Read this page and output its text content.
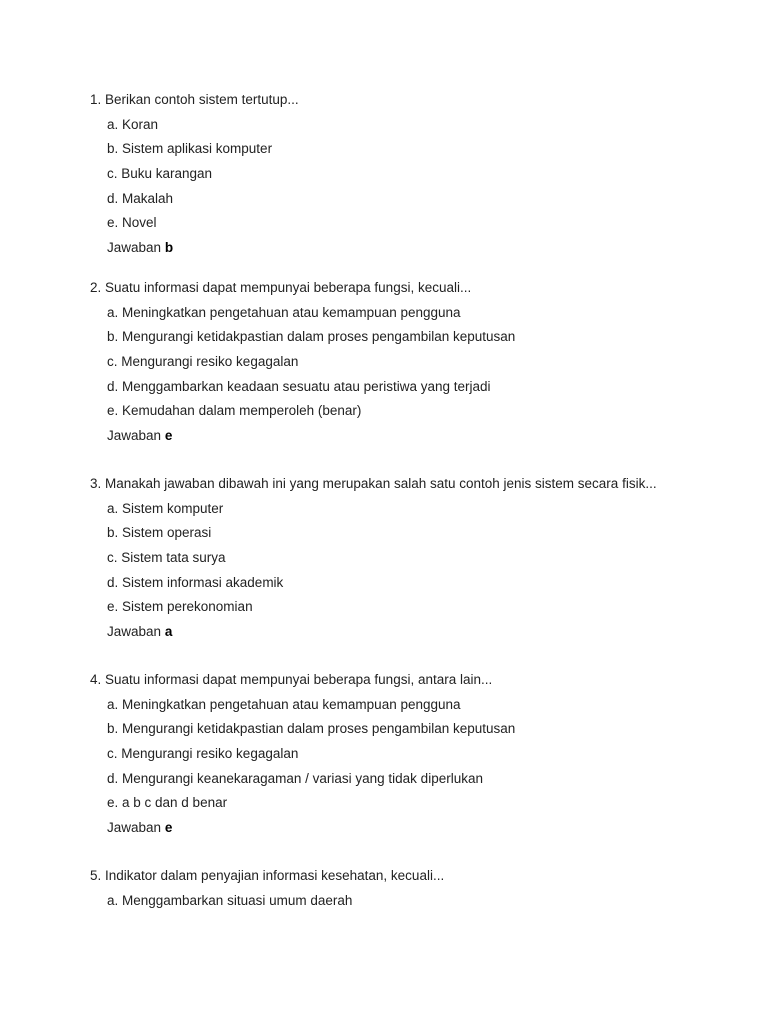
1. Berikan contoh sistem tertutup...
a. Koran
b. Sistem aplikasi komputer
c. Buku karangan
d. Makalah
e. Novel
Jawaban b
2. Suatu informasi dapat mempunyai beberapa fungsi, kecuali...
a. Meningkatkan pengetahuan atau kemampuan pengguna
b. Mengurangi ketidakpastian dalam proses pengambilan keputusan
c. Mengurangi resiko kegagalan
d. Menggambarkan keadaan sesuatu atau peristiwa yang terjadi
e. Kemudahan dalam memperoleh (benar)
Jawaban e
3. Manakah jawaban dibawah ini yang merupakan salah satu contoh jenis sistem secara fisik...
a. Sistem komputer
b. Sistem operasi
c. Sistem tata surya
d. Sistem informasi akademik
e. Sistem perekonomian
Jawaban a
4. Suatu informasi dapat mempunyai beberapa fungsi, antara lain...
a. Meningkatkan pengetahuan atau kemampuan pengguna
b. Mengurangi ketidakpastian dalam proses pengambilan keputusan
c. Mengurangi resiko kegagalan
d. Mengurangi keanekaragaman / variasi yang tidak diperlukan
e. a b c dan d benar
Jawaban e
5. Indikator dalam penyajian informasi kesehatan, kecuali...
a. Menggambarkan situasi umum daerah
